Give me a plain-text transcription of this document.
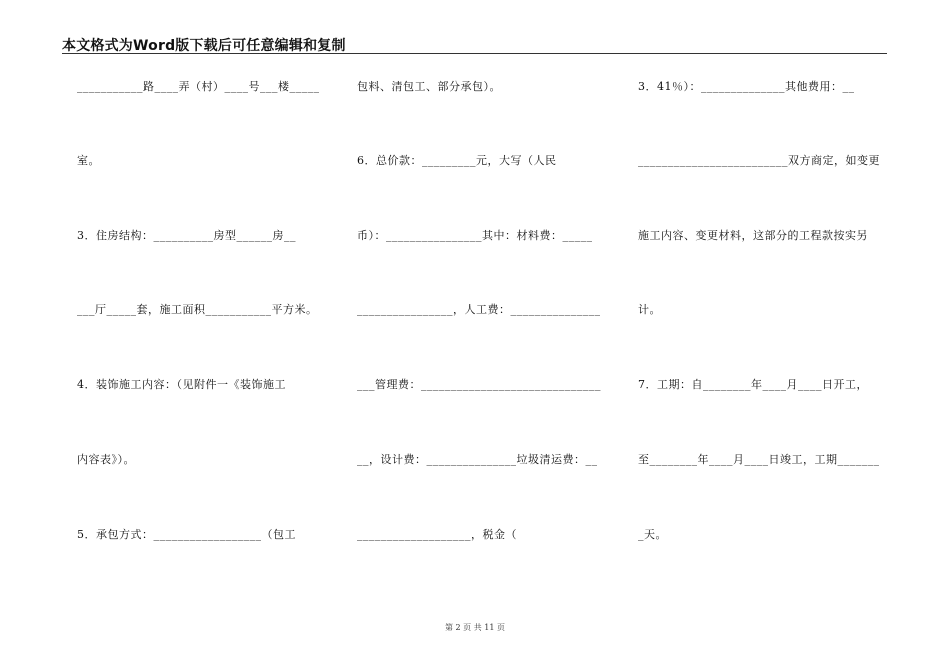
本文格式为Word版下载后可任意编辑和复制
___________路____弄（村）____号___楼_____
室。
3．住房结构：__________房型______房__
___厅_____套，施工面积___________平方米。
4．装饰施工内容：（见附件一《装饰施工
内容表》）。
5．承包方式：__________________（包工
包料、清包工、部分承包）。
6．总价款：_________元，大写（人民
币）：________________其中：材料费：_____
________________，人工费：_______________
___管理费：______________________________
__，设计费：_______________垃圾清运费：__
___________________，税金（
3．41％）：______________其他费用：__
_________________________双方商定，如变更
施工内容、变更材料，这部分的工程款按实另
计。
7．工期：自________年____月____日开工，
至________年____月____日竣工，工期_______
_天。
第 2 页 共 11 页
